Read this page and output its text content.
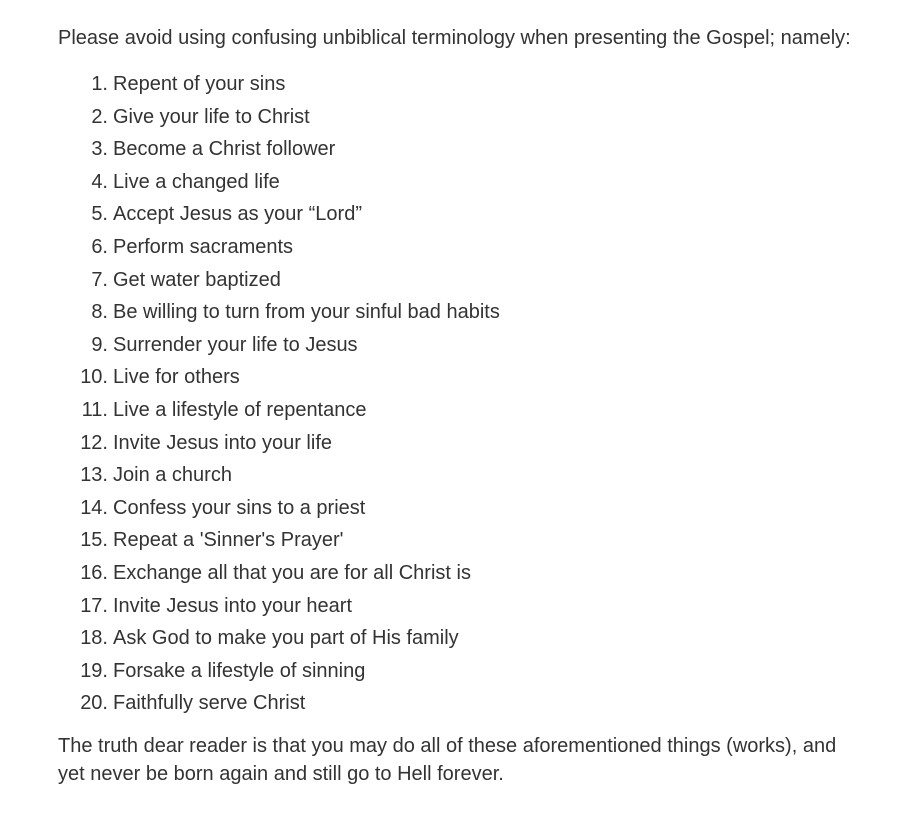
Please avoid using confusing unbiblical terminology when presenting the Gospel; namely:

1. Repent of your sins
2. Give your life to Christ
3. Become a Christ follower
4. Live a changed life
5. Accept Jesus as your “Lord”
6. Perform sacraments
7. Get water baptized
8. Be willing to turn from your sinful bad habits
9. Surrender your life to Jesus
10. Live for others
11. Live a lifestyle of repentance
12. Invite Jesus into your life
13. Join a church
14. Confess your sins to a priest
15. Repeat a 'Sinner's Prayer'
16. Exchange all that you are for all Christ is
17. Invite Jesus into your heart
18. Ask God to make you part of His family
19. Forsake a lifestyle of sinning
20. Faithfully serve Christ

The truth dear reader is that you may do all of these aforementioned things (works), and yet never be born again and still go to Hell forever.
